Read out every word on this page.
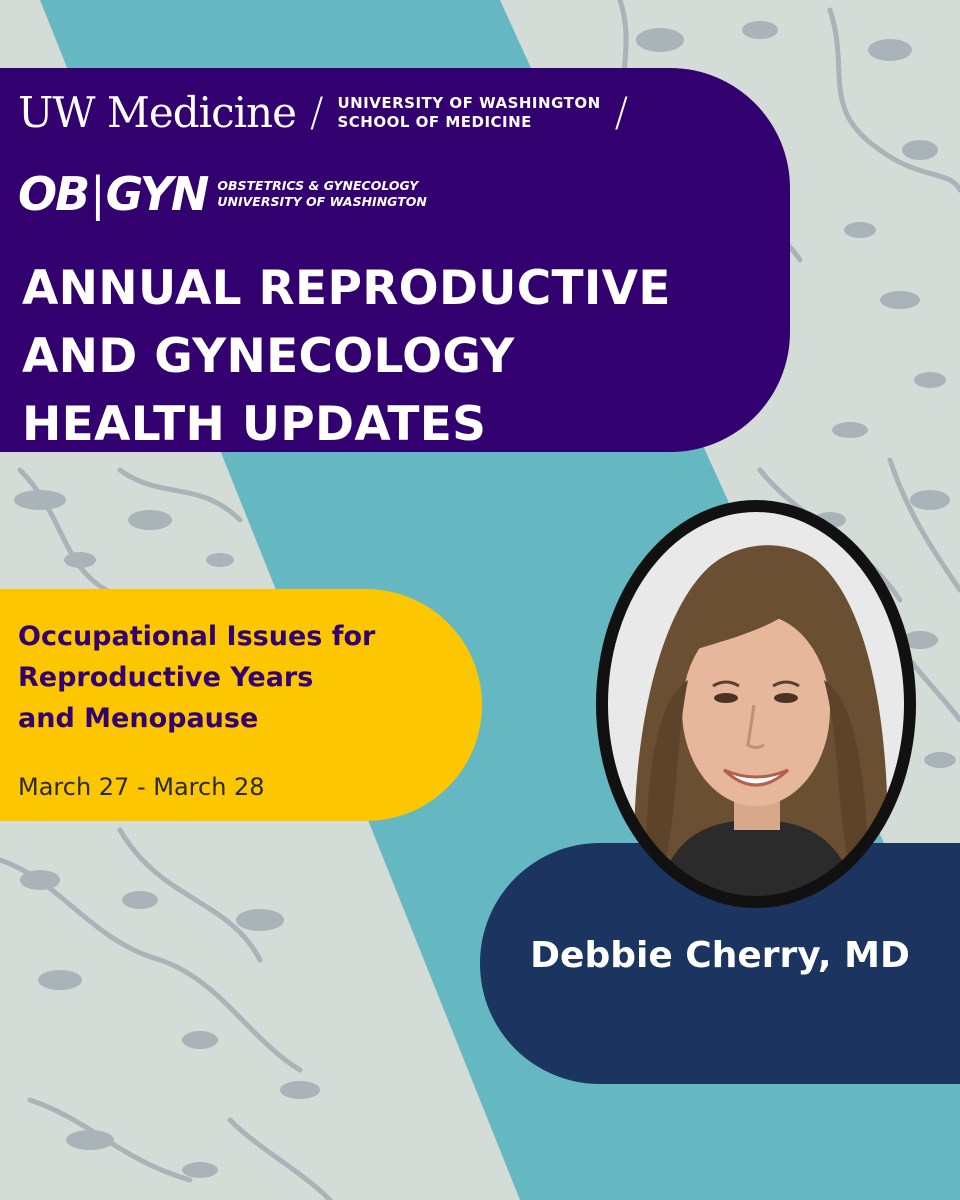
UW Medicine / UNIVERSITY OF WASHINGTON
SCHOOL OF MEDICINE	/
OB|GYN OBSTETRICS & GYNECOLOGY
UNIVERSITY OF WASHINGTON
ANNUAL REPRODUCTIVE
AND GYNECOLOGY
HEALTH UPDATES
Occupational Issues for
Reproductive Years
and Menopause
March 27 - March 28
Debbie Cherry, MD
